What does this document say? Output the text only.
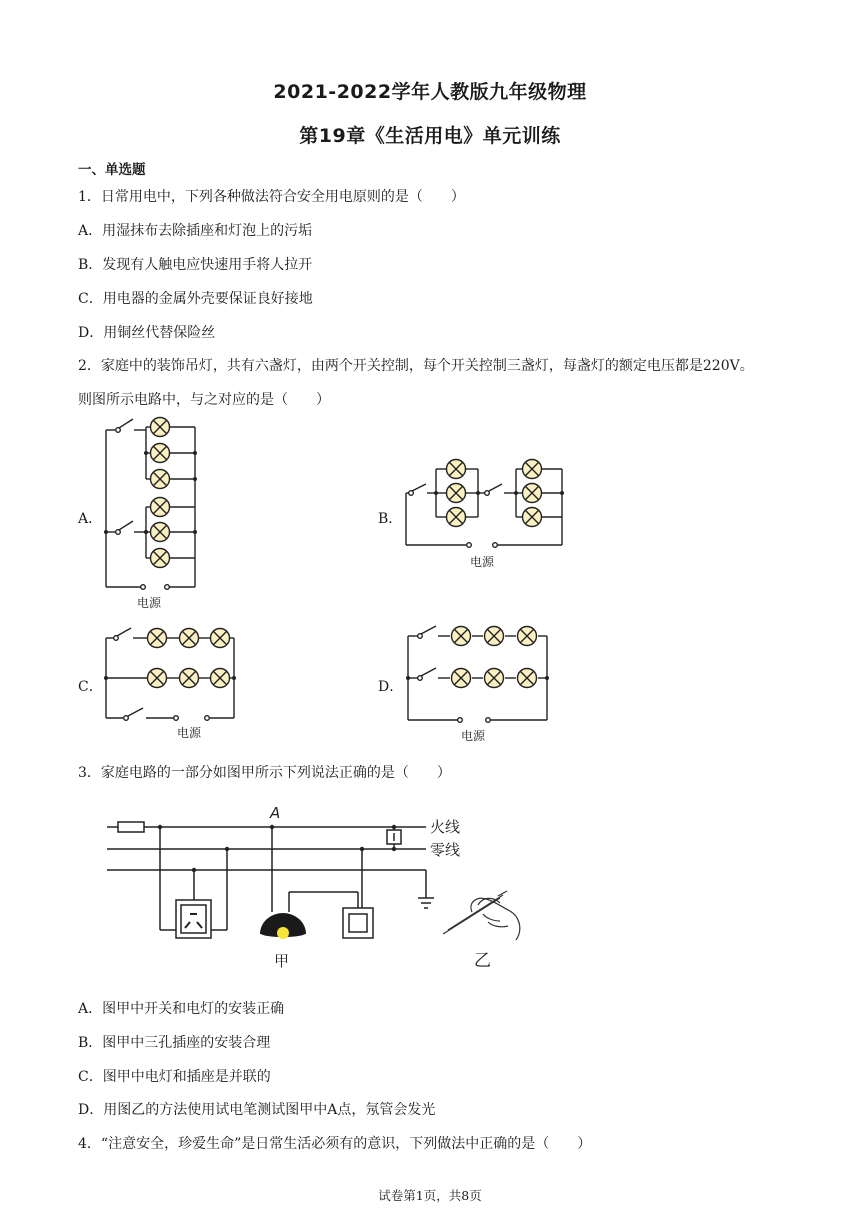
2021-2022学年人教版九年级物理
第19章《生活用电》单元训练
一、单选题
1．日常用电中，下列各种做法符合安全用电原则的是（　　）
A．用湿抹布去除插座和灯泡上的污垢
B．发现有人触电应快速用手将人拉开
C．用电器的金属外壳要保证良好接地
D．用铜丝代替保险丝
2．家庭中的装饰吊灯，共有六盏灯，由两个开关控制，每个开关控制三盏灯，每盏灯的额定电压都是220V。
则图所示电路中，与之对应的是（　　）
A．	B．
C．	D．
电源
电源
电源	电源
3．家庭电路的一部分如图甲所示下列说法正确的是（　　）
A
火线
零线
甲	乙
A．图甲中开关和电灯的安装正确
B．图甲中三孔插座的安装合理
C．图甲中电灯和插座是并联的
D．用图乙的方法使用试电笔测试图甲中A点，氖管会发光
4．“注意安全，珍爱生命”是日常生活必须有的意识，下列做法中正确的是（　　）
试卷第1页，共8页
